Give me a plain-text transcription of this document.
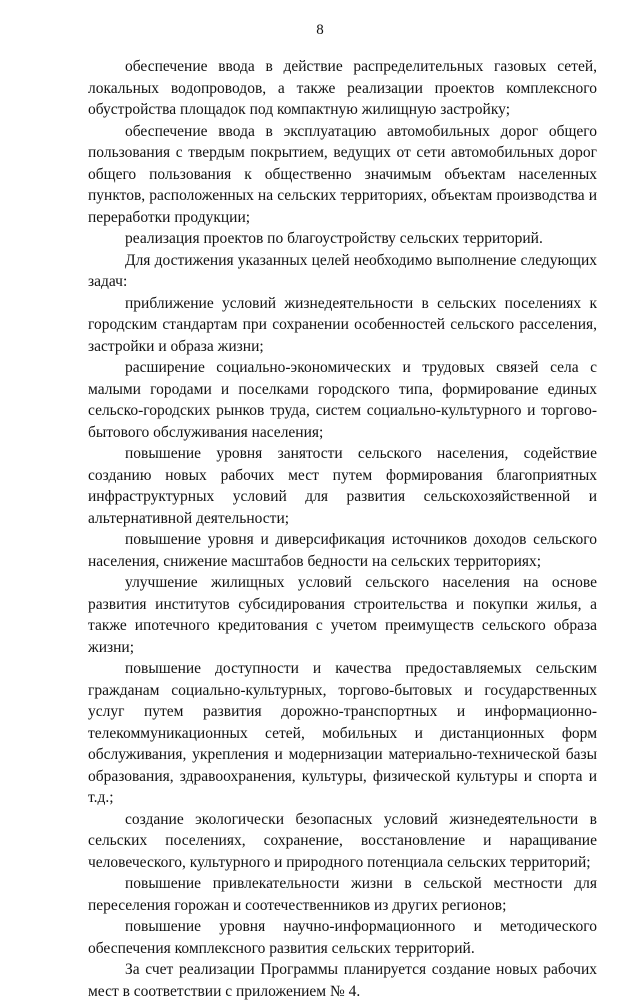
8

обеспечение ввода в действие распределительных газовых сетей, локальных водопроводов, а также реализации проектов комплексного обустройства площадок под компактную жилищную застройку;

обеспечение ввода в эксплуатацию автомобильных дорог общего пользования с твердым покрытием, ведущих от сети автомобильных дорог общего пользования к общественно значимым объектам населенных пунктов, расположенных на сельских территориях, объектам производства и переработки продукции;

реализация проектов по благоустройству сельских территорий.

Для достижения указанных целей необходимо выполнение следующих задач:

приближение условий жизнедеятельности в сельских поселениях к городским стандартам при сохранении особенностей сельского расселения, застройки и образа жизни;

расширение социально-экономических и трудовых связей села с малыми городами и поселками городского типа, формирование единых сельско-городских рынков труда, систем социально-культурного и торгово-бытового обслуживания населения;

повышение уровня занятости сельского населения, содействие созданию новых рабочих мест путем формирования благоприятных инфраструктурных условий для развития сельскохозяйственной и альтернативной деятельности;

повышение уровня и диверсификация источников доходов сельского населения, снижение масштабов бедности на сельских территориях;

улучшение жилищных условий сельского населения на основе развития институтов субсидирования строительства и покупки жилья, а также ипотечного кредитования с учетом преимуществ сельского образа жизни;

повышение доступности и качества предоставляемых сельским гражданам социально-культурных, торгово-бытовых и государственных услуг путем развития дорожно-транспортных и информационно-телекоммуникационных сетей, мобильных и дистанционных форм обслуживания, укрепления и модернизации материально-технической базы образования, здравоохранения, культуры, физической культуры и спорта и т.д.;

создание экологически безопасных условий жизнедеятельности в сельских поселениях, сохранение, восстановление и наращивание человеческого, культурного и природного потенциала сельских территорий;

повышение привлекательности жизни в сельской местности для переселения горожан и соотечественников из других регионов;

повышение уровня научно-информационного и методического обеспечения комплексного развития сельских территорий.

За счет реализации Программы планируется создание новых рабочих мест в соответствии с приложением № 4.
